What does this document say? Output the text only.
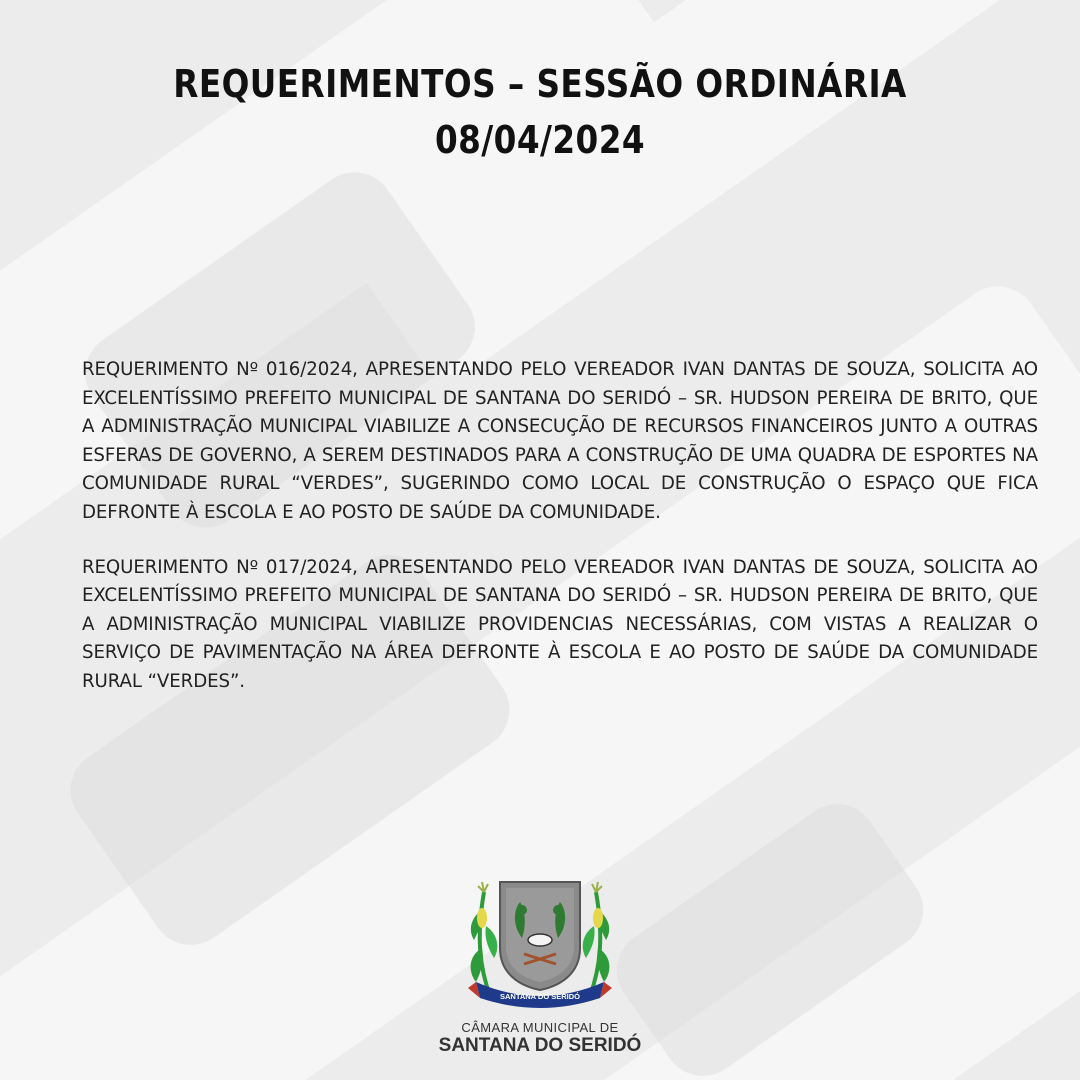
REQUERIMENTOS – SESSÃO ORDINÁRIA
08/04/2024

REQUERIMENTO Nº 016/2024, APRESENTANDO PELO VEREADOR IVAN DANTAS DE SOUZA, SOLICITA AO EXCELENTÍSSIMO PREFEITO MUNICIPAL DE SANTANA DO SERIDÓ – SR. HUDSON PEREIRA DE BRITO, QUE A ADMINISTRAÇÃO MUNICIPAL VIABILIZE A CONSECUÇÃO DE RECURSOS FINANCEIROS JUNTO A OUTRAS ESFERAS DE GOVERNO, A SEREM DESTINADOS PARA A CONSTRUÇÃO DE UMA QUADRA DE ESPORTES NA COMUNIDADE RURAL “VERDES”, SUGERINDO COMO LOCAL DE CONSTRUÇÃO O ESPAÇO QUE FICA DEFRONTE À ESCOLA E AO POSTO DE SAÚDE DA COMUNIDADE.

REQUERIMENTO Nº 017/2024, APRESENTANDO PELO VEREADOR IVAN DANTAS DE SOUZA, SOLICITA AO EXCELENTÍSSIMO PREFEITO MUNICIPAL DE SANTANA DO SERIDÓ – SR. HUDSON PEREIRA DE BRITO, QUE A ADMINISTRAÇÃO MUNICIPAL VIABILIZE PROVIDENCIAS NECESSÁRIAS, COM VISTAS A REALIZAR O SERVIÇO DE PAVIMENTAÇÃO NA ÁREA DEFRONTE À ESCOLA E AO POSTO DE SAÚDE DA COMUNIDADE RURAL “VERDES”.

SANTANA DO SERIDÓ
CÂMARA MUNICIPAL DE
SANTANA DO SERIDÓ
